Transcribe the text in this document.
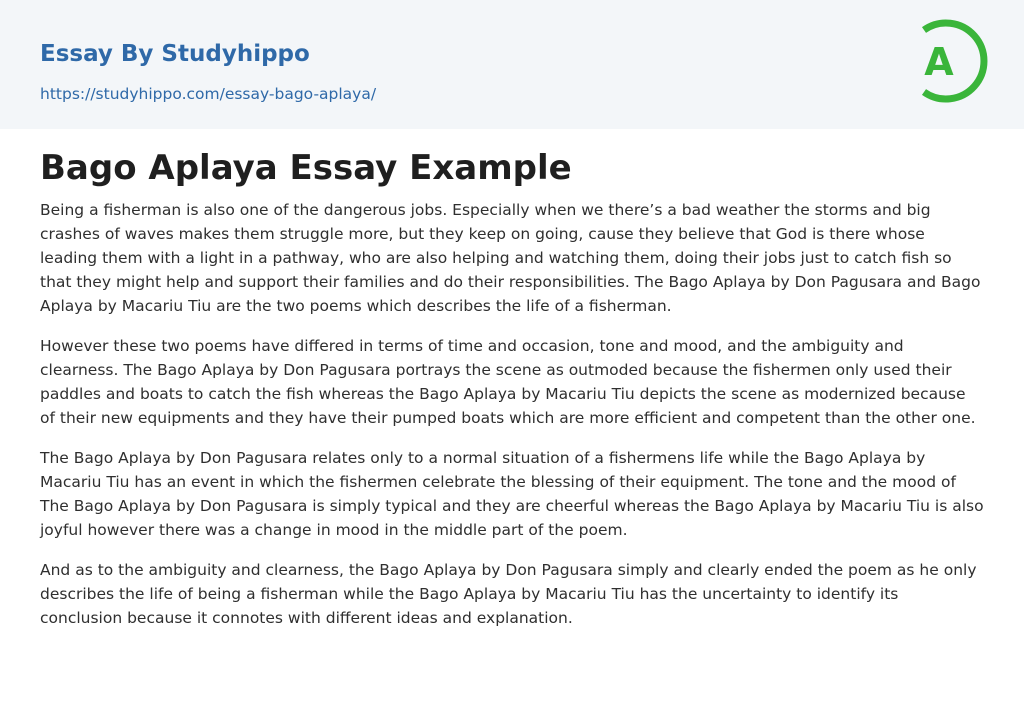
Essay By Studyhippo
https://studyhippo.com/essay-bago-aplaya/
A
Bago Aplaya Essay Example

Being a fisherman is also one of the dangerous jobs. Especially when we there’s a bad weather the storms and big crashes of waves makes them struggle more, but they keep on going, cause they believe that God is there whose leading them with a light in a pathway, who are also helping and watching them, doing their jobs just to catch fish so that they might help and support their families and do their responsibilities. The Bago Aplaya by Don Pagusara and Bago Aplaya by Macariu Tiu are the two poems which describes the life of a fisherman.

However these two poems have differed in terms of time and occasion, tone and mood, and the ambiguity and clearness. The Bago Aplaya by Don Pagusara portrays the scene as outmoded because the fishermen only used their paddles and boats to catch the fish whereas the Bago Aplaya by Macariu Tiu depicts the scene as modernized because of their new equipments and they have their pumped boats which are more efficient and competent than the other one.

The Bago Aplaya by Don Pagusara relates only to a normal situation of a fishermens life while the Bago Aplaya by Macariu Tiu has an event in which the fishermen celebrate the blessing of their equipment. The tone and the mood of The Bago Aplaya by Don Pagusara is simply typical and they are cheerful whereas the Bago Aplaya by Macariu Tiu is also joyful however there was a change in mood in the middle part of the poem.

And as to the ambiguity and clearness, the Bago Aplaya by Don Pagusara simply and clearly ended the poem as he only describes the life of being a fisherman while the Bago Aplaya by Macariu Tiu has the uncertainty to identify its conclusion because it connotes with different ideas and explanation.
